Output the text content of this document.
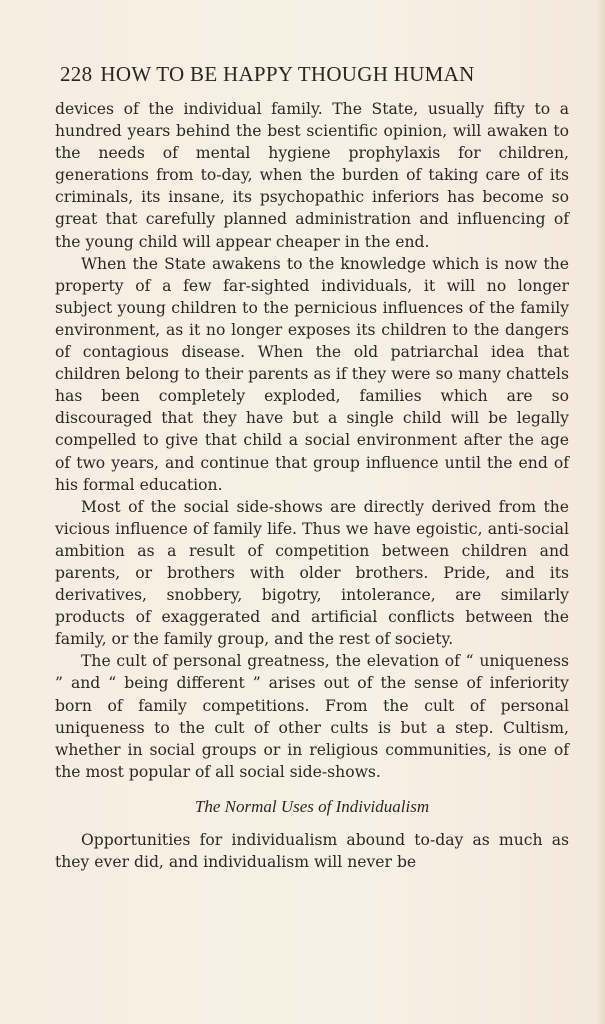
228 HOW TO BE HAPPY THOUGH HUMAN

devices of the individual family. The State, usually fifty to a hundred years behind the best scientific opinion, will awaken to the needs of mental hygiene prophylaxis for children, generations from to-day, when the burden of taking care of its criminals, its insane, its psychopathic inferiors has become so great that carefully planned administration and influencing of the young child will appear cheaper in the end.

When the State awakens to the knowledge which is now the property of a few far-sighted individuals, it will no longer subject young children to the pernicious influences of the family environment, as it no longer exposes its children to the dangers of contagious disease. When the old patriarchal idea that children belong to their parents as if they were so many chattels has been completely exploded, families which are so discouraged that they have but a single child will be legally compelled to give that child a social environment after the age of two years, and continue that group influence until the end of his formal education.

Most of the social side-shows are directly derived from the vicious influence of family life. Thus we have egoistic, anti-social ambition as a result of competition between children and parents, or brothers with older brothers. Pride, and its derivatives, snobbery, bigotry, intolerance, are similarly products of exaggerated and artificial conflicts between the family, or the family group, and the rest of society.

The cult of personal greatness, the elevation of “ uniqueness ” and “ being different ” arises out of the sense of inferiority born of family competitions. From the cult of personal uniqueness to the cult of other cults is but a step. Cultism, whether in social groups or in religious communities, is one of the most popular of all social side-shows.

The Normal Uses of Individualism

Opportunities for individualism abound to-day as much as they ever did, and individualism will never be
